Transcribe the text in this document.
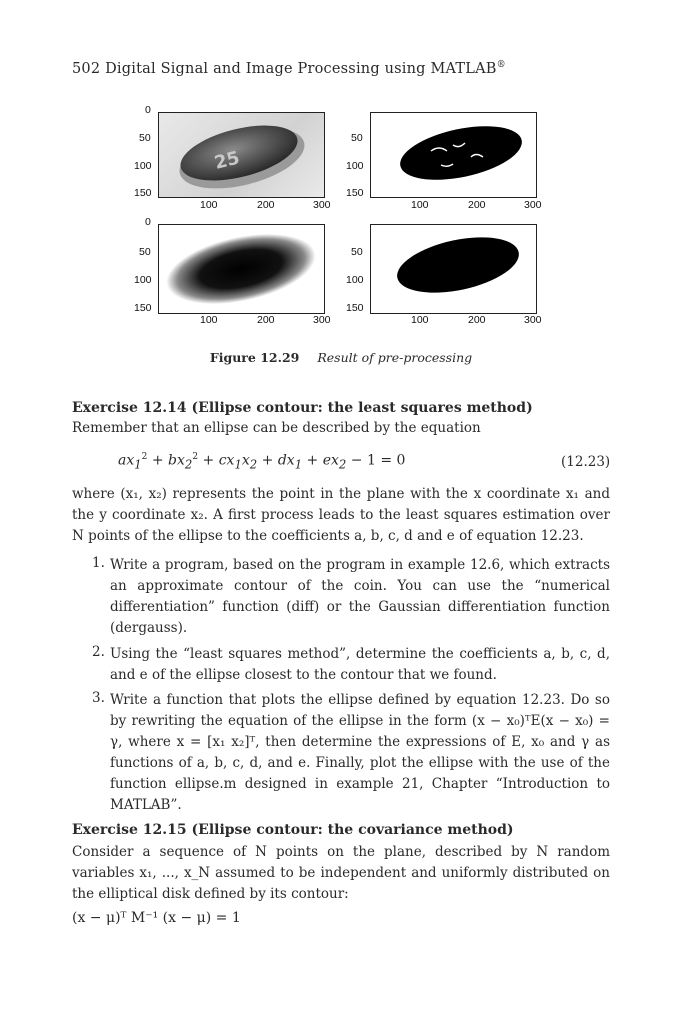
502 Digital Signal and Image Processing using MATLAB®
25
0
50
100
150
0
50
100
150
50
100
150
50
100
150
100	200	300	100	200	300
100	200	300	100	200	300
Figure 12.29 Result of pre-processing
Exercise 12.14 (Ellipse contour: the least squares method)
Remember that an ellipse can be described by the equation
$ax_1^2 + bx_2^2 + cx_1x_2 + dx_1 + ex_2 - 1 = 0$	(12.23)
where (x₁, x₂) represents the point in the plane with the x coordinate x₁ and the y coordinate x₂. A first process leads to the least squares estimation over N points of the ellipse to the coefficients a, b, c, d and e of equation 12.23.
1. Write a program, based on the program in example 12.6, which extracts an approximate contour of the coin. You can use the “numerical differentiation” function (diff) or the Gaussian differentiation function (dergauss).
2. Using the “least squares method”, determine the coefficients a, b, c, d, and e of the ellipse closest to the contour that we found.
3. Write a function that plots the ellipse defined by equation 12.23. Do so by rewriting the equation of the ellipse in the form (x − x₀)ᵀE(x − x₀) = γ, where x = [x₁ x₂]ᵀ, then determine the expressions of E, x₀ and γ as functions of a, b, c, d, and e. Finally, plot the ellipse with the use of the function ellipse.m designed in example 21, Chapter “Introduction to MATLAB”.
Exercise 12.15 (Ellipse contour: the covariance method)
Consider a sequence of N points on the plane, described by N random variables x₁, ..., x_N assumed to be independent and uniformly distributed on the elliptical disk defined by its contour:
(x − μ)ᵀ M⁻¹ (x − μ) = 1
